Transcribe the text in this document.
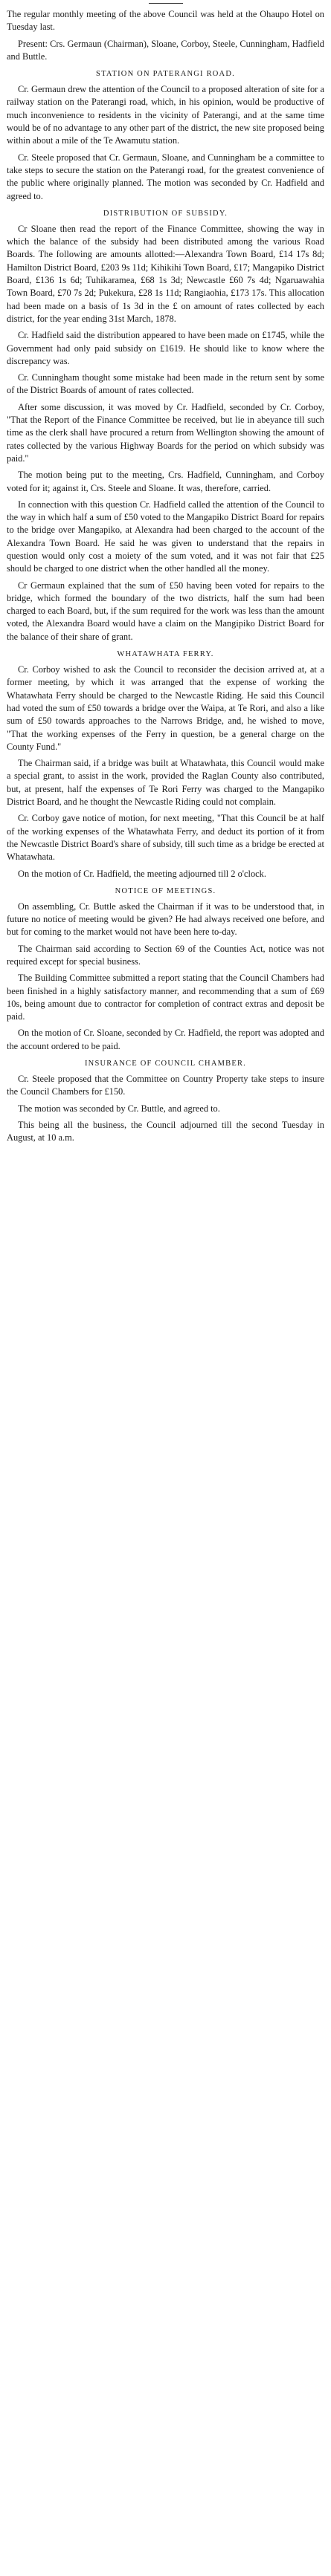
The regular monthly meeting of the above Council was held at the Ohaupo Hotel on Tuesday last.

Present: Crs. Germaun (Chairman), Sloane, Corboy, Steele, Cunningham, Hadfield and Buttle.

STATION ON PATERANGI ROAD.

Cr. Germaun drew the attention of the Council to a proposed alteration of site for a railway station on the Paterangi road, which, in his opinion, would be productive of much inconvenience to residents in the vicinity of Paterangi, and at the same time would be of no advantage to any other part of the district, the new site proposed being within about a mile of the Te Awamutu station.

Cr. Steele proposed that Cr. Germaun, Sloane, and Cunningham be a committee to take steps to secure the station on the Paterangi road, for the greatest convenience of the public where originally planned. The motion was seconded by Cr. Hadfield and agreed to.

DISTRIBUTION OF SUBSIDY.

Cr Sloane then read the report of the Finance Committee, showing the way in which the balance of the subsidy had been distributed among the various Road Boards. The following are amounts allotted:—Alexandra Town Board, £14 17s 8d; Hamilton District Board, £203 9s 11d; Kihikihi Town Board, £17; Mangapiko District Board, £136 1s 6d; Tuhikaramea, £68 1s 3d; Newcastle £60 7s 4d; Ngaruawahia Town Board, £70 7s 2d; Pukekura, £28 1s 11d; Rangiaohia, £173 17s. This allocation had been made on a basis of 1s 3d in the £ on amount of rates collected by each district, for the year ending 31st March, 1878.

Cr. Hadfield said the distribution appeared to have been made on £1745, while the Government had only paid subsidy on £1619. He should like to know where the discrepancy was.

Cr. Cunningham thought some mistake had been made in the return sent by some of the District Boards of amount of rates collected.

After some discussion, it was moved by Cr. Hadfield, seconded by Cr. Corboy, "That the Report of the Finance Committee be received, but lie in abeyance till such time as the clerk shall have procured a return from Wellington showing the amount of rates collected by the various Highway Boards for the period on which subsidy was paid."

The motion being put to the meeting, Crs. Hadfield, Cunningham, and Corboy voted for it; against it, Crs. Steele and Sloane. It was, therefore, carried.

In connection with this question Cr. Hadfield called the attention of the Council to the way in which half a sum of £50 voted to the Mangapiko District Board for repairs to the bridge over Mangapiko, at Alexandra had been charged to the account of the Alexandra Town Board. He said he was given to understand that the repairs in question would only cost a moiety of the sum voted, and it was not fair that £25 should be charged to one district when the other handled all the money.

Cr Germaun explained that the sum of £50 having been voted for repairs to the bridge, which formed the boundary of the two districts, half the sum had been charged to each Board, but, if the sum required for the work was less than the amount voted, the Alexandra Board would have a claim on the Mangipiko District Board for the balance of their share of grant.

WHATAWHATA FERRY.

Cr. Corboy wished to ask the Council to reconsider the decision arrived at, at a former meeting, by which it was arranged that the expense of working the Whatawhata Ferry should be charged to the Newcastle Riding. He said this Council had voted the sum of £50 towards a bridge over the Waipa, at Te Rori, and also a like sum of £50 towards approaches to the Narrows Bridge, and, he wished to move, "That the working expenses of the Ferry in question, be a general charge on the County Fund."

The Chairman said, if a bridge was built at Whatawhata, this Council would make a special grant, to assist in the work, provided the Raglan County also contributed, but, at present, half the expenses of Te Rori Ferry was charged to the Mangapiko District Board, and he thought the Newcastle Riding could not complain.

Cr. Corboy gave notice of motion, for next meeting, "That this Council be at half of the working expenses of the Whatawhata Ferry, and deduct its portion of it from the Newcastle District Board's share of subsidy, till such time as a bridge be erected at Whatawhata.

On the motion of Cr. Hadfield, the meeting adjourned till 2 o'clock.

NOTICE OF MEETINGS.

On assembling, Cr. Buttle asked the Chairman if it was to be understood that, in future no notice of meeting would be given? He had always received one before, and but for coming to the market would not have been here to-day.

The Chairman said according to Section 69 of the Counties Act, notice was not required except for special business.

The Building Committee submitted a report stating that the Council Chambers had been finished in a highly satisfactory manner, and recommending that a sum of £69 10s, being amount due to contractor for completion of contract extras and deposit be paid.

On the motion of Cr. Sloane, seconded by Cr. Hadfield, the report was adopted and the account ordered to be paid.

INSURANCE OF COUNCIL CHAMBER.

Cr. Steele proposed that the Committee on Country Property take steps to insure the Council Chambers for £150.

The motion was seconded by Cr. Buttle, and agreed to.

This being all the business, the Council adjourned till the second Tuesday in August, at 10 a.m.
